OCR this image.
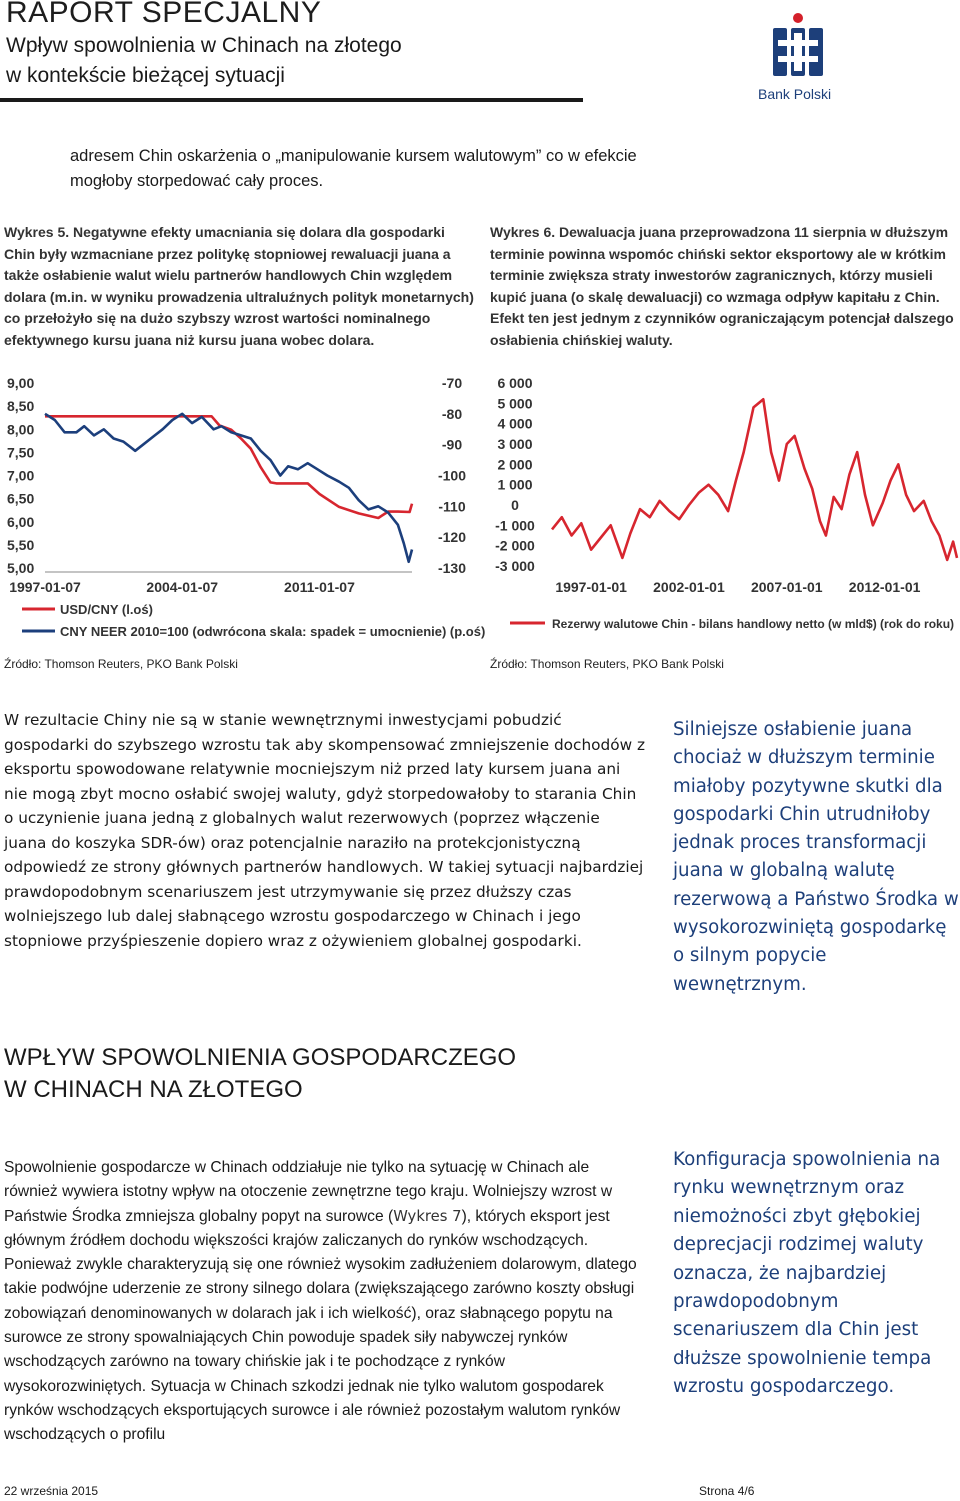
RAPORT SPECJALNY
Wpływ spowolnienia w Chinach na złotego
w kontekście bieżącej sytuacji
Bank Polski
adresem Chin oskarżenia o „manipulowanie kursem walutowym” co w efekcie mogłoby storpedować cały proces.
Wykres 5. Negatywne efekty umacniania się dolara dla gospodarki Chin były wzmacniane przez politykę stopniowej rewaluacji juana a także osłabienie walut wielu partnerów handlowych Chin względem dolara (m.in. w wyniku prowadzenia ultraluźnych polityk monetarnych) co przełożyło się na dużo szybszy wzrost wartości nominalnego efektywnego kursu juana niż kursu juana wobec dolara.
Wykres 6. Dewaluacja juana przeprowadzona 11 sierpnia w dłuższym terminie powinna wspomóc chiński sektor eksportowy ale w krótkim terminie zwiększa straty inwestorów zagranicznych, którzy musieli kupić juana (o skalę dewaluacji) co wzmaga odpływ kapitału z Chin. Efekt ten jest jednym z czynników ograniczającym potencjał dalszego osłabienia chińskiej waluty.
9,00
8,50
8,00
7,50
7,00
6,50
6,00
5,50
5,00
-70
-80
-90
-100
-110
-120
-130
1997-01-07	2004-01-07	2011-01-07
USD/CNY (l.oś)
CNY NEER 2010=100 (odwrócona skala: spadek = umocnienie) (p.oś)
6 000
5 000
4 000
3 000
2 000
1 000
0
-1 000
-2 000
-3 000
1997-01-01 2002-01-01 2007-01-01 2012-01-01
Rezerwy walutowe Chin - bilans handlowy netto (w mld$) (rok do roku)
Źródło: Thomson Reuters, PKO Bank Polski	Źródło: Thomson Reuters, PKO Bank Polski
W rezultacie Chiny nie są w stanie wewnętrznymi inwestycjami pobudzić gospodarki do szybszego wzrostu tak aby skompensować zmniejszenie dochodów z eksportu spowodowane relatywnie mocniejszym niż przed laty kursem juana ani nie mogą zbyt mocno osłabić swojej waluty, gdyż storpedowałoby to starania Chin o uczynienie juana jedną z globalnych walut rezerwowych (poprzez włączenie juana do koszyka SDR-ów) oraz potencjalnie naraziło na protekcjonistyczną odpowiedź ze strony głównych partnerów handlowych. W takiej sytuacji najbardziej prawdopodobnym scenariuszem jest utrzymywanie się przez dłuższy czas wolniejszego lub dalej słabnącego wzrostu gospodarczego w Chinach i jego stopniowe przyśpieszenie dopiero wraz z ożywieniem globalnej gospodarki.
Silniejsze osłabienie juana chociaż w dłuższym terminie miałoby pozytywne skutki dla gospodarki Chin utrudniłoby jednak proces transformacji juana w globalną walutę rezerwową a Państwo Środka w wysokorozwiniętą gospodarkę o silnym popycie wewnętrznym.
WPŁYW SPOWOLNIENIA GOSPODARCZEGO
W CHINACH NA ZŁOTEGO
Spowolnienie gospodarcze w Chinach oddziałuje nie tylko na sytuację w Chinach ale również wywiera istotny wpływ na otoczenie zewnętrzne tego kraju. Wolniejszy wzrost w Państwie Środka zmniejsza globalny popyt na surowce (Wykres 7), których eksport jest głównym źródłem dochodu większości krajów zaliczanych do rynków wschodzących. Ponieważ zwykle charakteryzują się one również wysokim zadłużeniem dolarowym, dlatego takie podwójne uderzenie ze strony silnego dolara (zwiększającego zarówno koszty obsługi zobowiązań denominowanych w dolarach jak i ich wielkość), oraz słabnącego popytu na surowce ze strony spowalniających Chin powoduje spadek siły nabywczej rynków wschodzących zarówno na towary chińskie jak i te pochodzące z rynków wysokorozwiniętych. Sytuacja w Chinach szkodzi jednak nie tylko walutom gospodarek rynków wschodzących eksportujących surowce i ale również pozostałym walutom rynków wschodzących o profilu
Konfiguracja spowolnienia na rynku wewnętrznym oraz niemożności zbyt głębokiej deprecjacji rodzimej waluty oznacza, że najbardziej prawdopodobnym scenariuszem dla Chin jest dłuższe spowolnienie tempa wzrostu gospodarczego.
22 września 2015	Strona 4/6
